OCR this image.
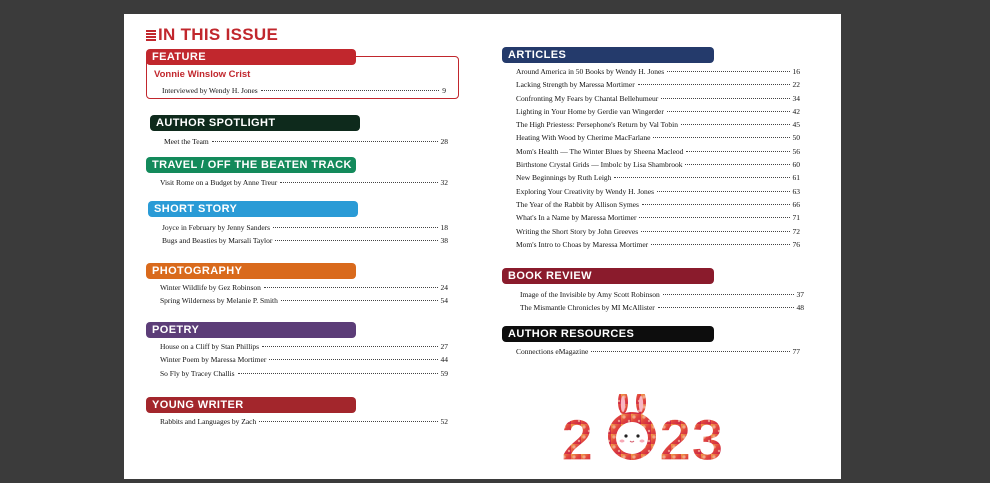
IN THIS ISSUE
FEATURE
Vonnie Winslow Crist
Interviewed by Wendy H. Jones	9
AUTHOR SPOTLIGHT
Meet the Team	28
TRAVEL / OFF THE BEATEN TRACK
Visit Rome on a Budget by Anne Treur	32
SHORT STORY
Joyce in February by Jenny Sanders	18
Bugs and Beasties by Marsali Taylor	38
PHOTOGRAPHY
Winter Wildlife by Gez Robinson	24
Spring Wilderness by Melanie P. Smith	54
POETRY
House on a Cliff by Stan Phillips	27
Winter Poem by Maressa Mortimer	44
So Fly by Tracey Challis	59
YOUNG WRITER
Rabbits and Languages by Zach	52
ARTICLES
Around America in 50 Books by Wendy H. Jones	16
Lacking Strength by Maressa Mortimer	22
Confronting My Fears by Chantal Bellehumeur	34
Lighting in Your Home by Gerdie van Wingerder	42
The High Priestess: Persephone's Return by Val Tobin	45
Heating With Wood by Cherime MacFarlane	50
Mom's Health — The Winter Blues by Sheena Macleod	56
Birthstone Crystal Grids — Imbolc by Lisa Shambrook	60
New Beginnings by Ruth Leigh	61
Exploring Your Creativity by Wendy H. Jones	63
The Year of the Rabbit by Allison Symes	66
What's In a Name by Maressa Mortimer	71
Writing the Short Story by John Greeves	72
Mom's Intro to Choas by Maressa Mortimer	76
BOOK REVIEW
Image of the Invisible by Amy Scott Robinson	37
The Mismantle Chronicles by MI McAllister	48
AUTHOR RESOURCES
Connections eMagazine	77
2 23
